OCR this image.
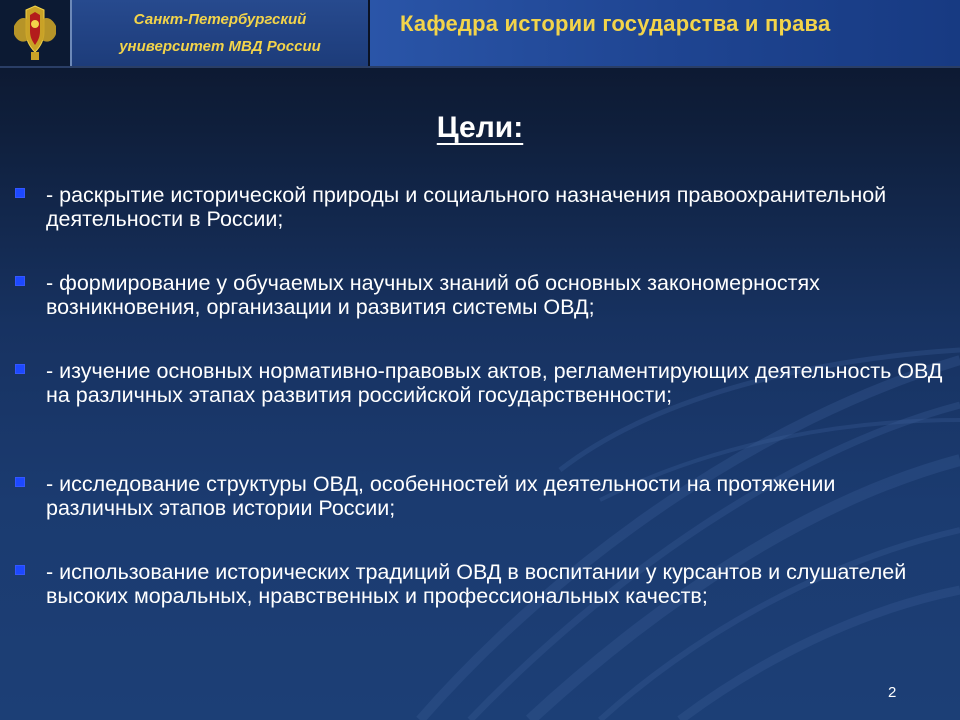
Санкт-Петербургский
университет МВД России
Кафедра истории государства и права
Цели:
- раскрытие исторической природы и социального назначения правоохранительной деятельности в России;
- формирование у обучаемых научных знаний об основных закономерностях возникновения, организации и развития системы ОВД;
- изучение основных нормативно-правовых актов, регламентирующих деятельность ОВД на различных этапах развития российской государственности;
- исследование структуры ОВД, особенностей их деятельности на протяжении различных этапов истории России;
- использование исторических традиций ОВД в воспитании у курсантов и слушателей высоких моральных, нравственных и профессиональных качеств;
2
